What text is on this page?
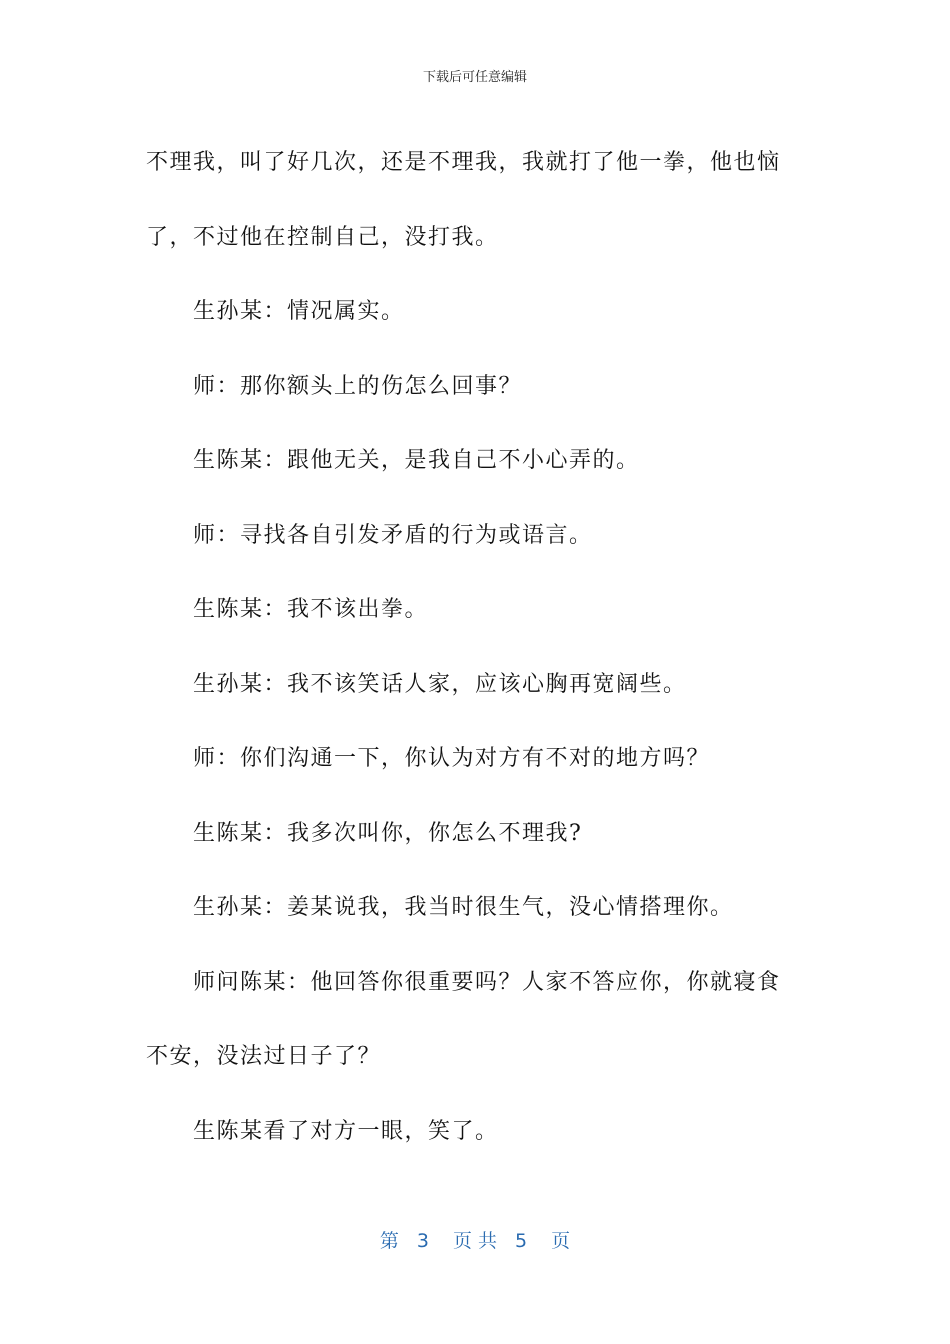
下载后可任意编辑

不理我，叫了好几次，还是不理我，我就打了他一拳，他也恼

了，不过他在控制自己，没打我。

生孙某：情况属实。

师：那你额头上的伤怎么回事？

生陈某：跟他无关，是我自己不小心弄的。

师：寻找各自引发矛盾的行为或语言。

生陈某：我不该出拳。

生孙某：我不该笑话人家，应该心胸再宽阔些。

师：你们沟通一下，你认为对方有不对的地方吗？

生陈某：我多次叫你，你怎么不理我?

生孙某：姜某说我，我当时很生气，没心情搭理你。

师问陈某：他回答你很重要吗？人家不答应你，你就寝食

不安，没法过日子了？

生陈某看了对方一眼，笑了。

第 3 页 共 5 页
